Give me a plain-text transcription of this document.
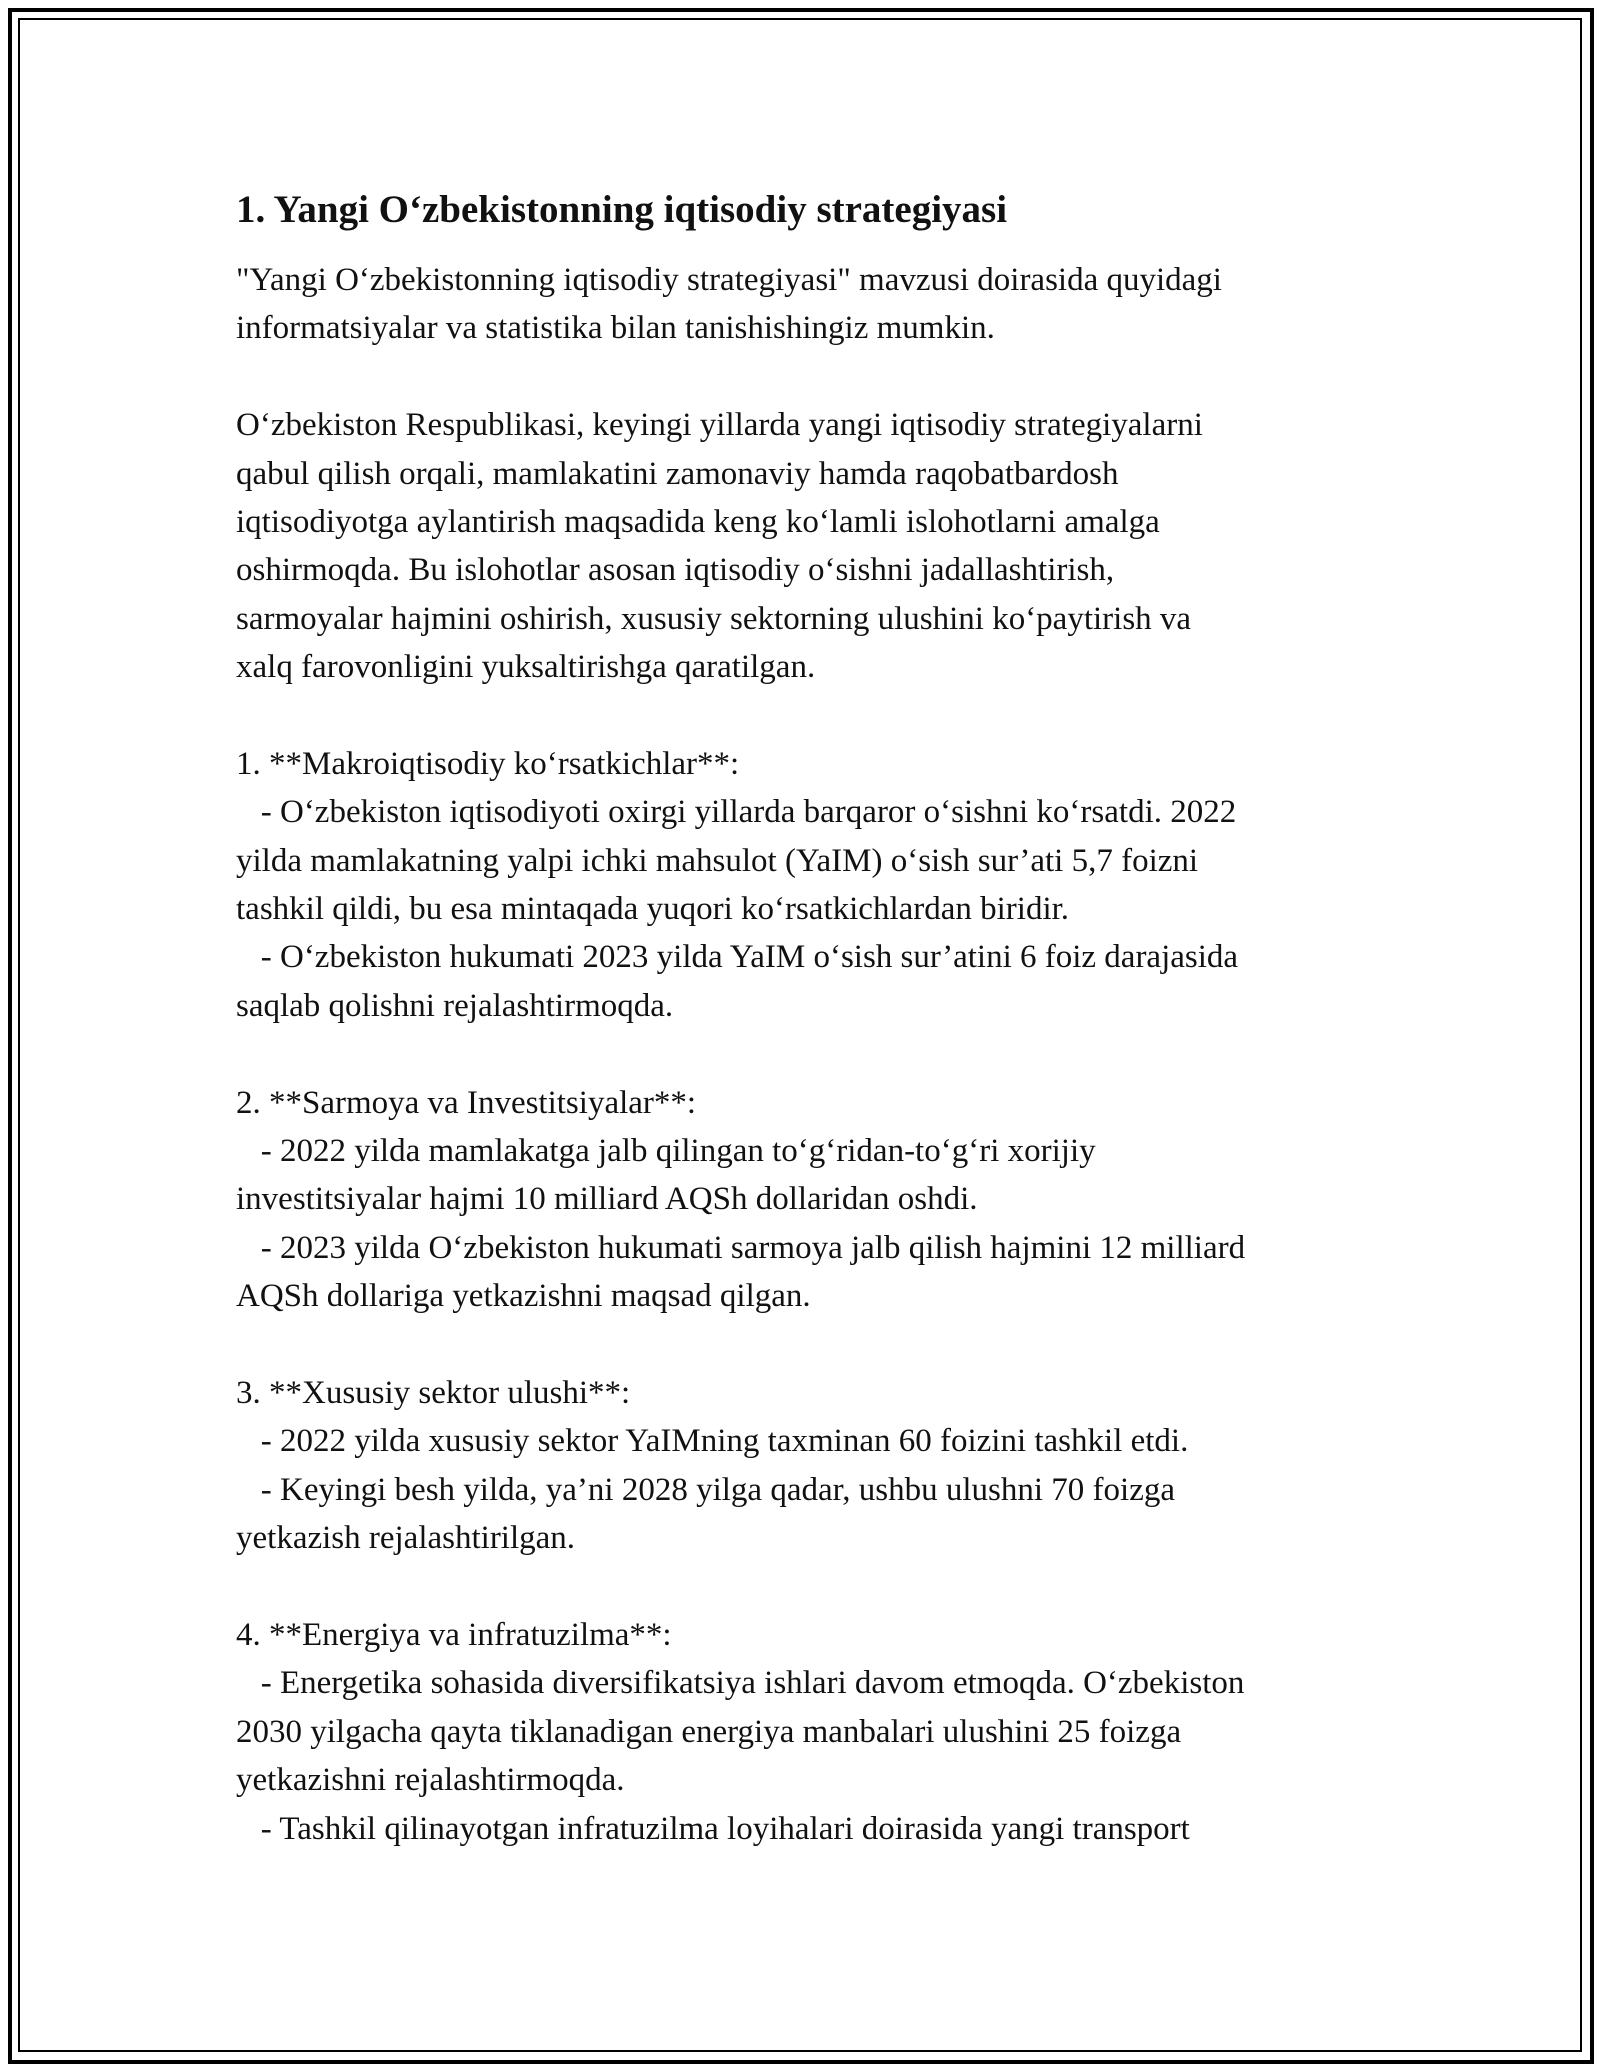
1. Yangi O‘zbekistonning iqtisodiy strategiyasi
"Yangi O‘zbekistonning iqtisodiy strategiyasi" mavzusi doirasida quyidagi
informatsiyalar va statistika bilan tanishishingiz mumkin.
O‘zbekiston Respublikasi, keyingi yillarda yangi iqtisodiy strategiyalarni
qabul qilish orqali, mamlakatini zamonaviy hamda raqobatbardosh
iqtisodiyotga aylantirish maqsadida keng ko‘lamli islohotlarni amalga
oshirmoqda. Bu islohotlar asosan iqtisodiy o‘sishni jadallashtirish,
sarmoyalar hajmini oshirish, xususiy sektorning ulushini ko‘paytirish va
xalq farovonligini yuksaltirishga qaratilgan.
1. **Makroiqtisodiy ko‘rsatkichlar**:
- O‘zbekiston iqtisodiyoti oxirgi yillarda barqaror o‘sishni ko‘rsatdi. 2022
yilda mamlakatning yalpi ichki mahsulot (YaIM) o‘sish sur’ati 5,7 foizni
tashkil qildi, bu esa mintaqada yuqori ko‘rsatkichlardan biridir.
- O‘zbekiston hukumati 2023 yilda YaIM o‘sish sur’atini 6 foiz darajasida
saqlab qolishni rejalashtirmoqda.
2. **Sarmoya va Investitsiyalar**:
- 2022 yilda mamlakatga jalb qilingan to‘g‘ridan-to‘g‘ri xorijiy
investitsiyalar hajmi 10 milliard AQSh dollaridan oshdi.
- 2023 yilda O‘zbekiston hukumati sarmoya jalb qilish hajmini 12 milliard
AQSh dollariga yetkazishni maqsad qilgan.
3. **Xususiy sektor ulushi**:
- 2022 yilda xususiy sektor YaIMning taxminan 60 foizini tashkil etdi.
- Keyingi besh yilda, ya’ni 2028 yilga qadar, ushbu ulushni 70 foizga
yetkazish rejalashtirilgan.
4. **Energiya va infratuzilma**:
- Energetika sohasida diversifikatsiya ishlari davom etmoqda. O‘zbekiston
2030 yilgacha qayta tiklanadigan energiya manbalari ulushini 25 foizga
yetkazishni rejalashtirmoqda.
- Tashkil qilinayotgan infratuzilma loyihalari doirasida yangi transport
